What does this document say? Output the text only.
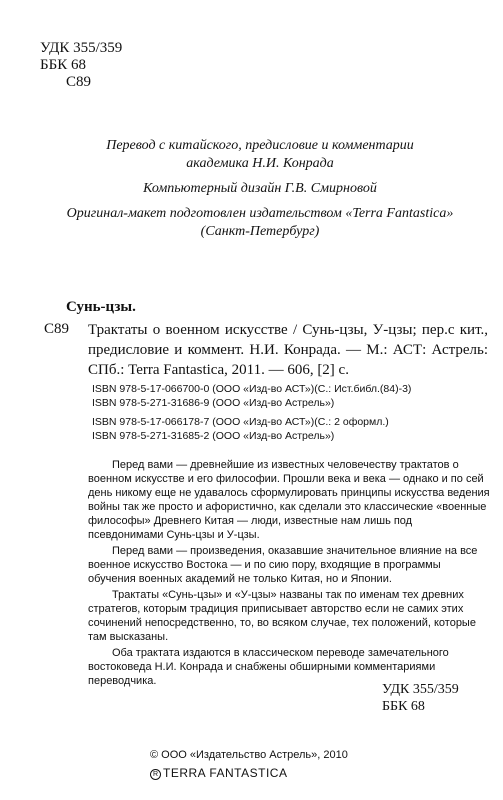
УДК 355/359
ББК 68
С89
Перевод с китайского, предисловие и комментарии
академика Н.И. Конрада
Компьютерный дизайн Г.В. Смирновой
Оригинал-макет подготовлен издательством «Terra Fantastica»
(Санкт-Петербург)
Сунь-цзы.
С89 Трактаты о военном искусстве / Сунь-цзы, У-цзы; пер.с кит., предисловие и коммент. Н.И. Конрада. — М.: АСТ: Астрель: СПб.: Terra Fantastica, 2011. — 606, [2] с.
ISBN 978-5-17-066700-0 (ООО «Изд-во АСТ»)(С.: Ист.библ.(84)-3)
ISBN 978-5-271-31686-9 (ООО «Изд-во Астрель»)
ISBN 978-5-17-066178-7 (ООО «Изд-во АСТ»)(С.: 2 оформл.)
ISBN 978-5-271-31685-2 (ООО «Изд-во Астрель»)

Перед вами — древнейшие из известных человечеству трактатов о военном искусстве и его философии. Прошли века и века — однако и по сей день никому еще не удавалось сформулировать принципы искусства ведения войны так же просто и афористично, как сделали это классические «военные философы» Древнего Китая — люди, известные нам лишь под псевдонимами Сунь-цзы и У-цзы.

Перед вами — произведения, оказавшие значительное влияние на все военное искусство Востока — и по сию пору, входящие в программы обучения военных академий не только Китая, но и Японии.

Трактаты «Сунь-цзы» и «У-цзы» названы так по именам тех древних стратегов, которым традиция приписывает авторство если не самих этих сочинений непосредственно, то, во всяком случае, тех положений, которые там высказаны.

Оба трактата издаются в классическом переводе замечательного востоковеда Н.И. Конрада и снабжены обширными комментариями переводчика.

УДК 355/359
ББК 68
© ООО «Издательство Астрель», 2010
R TERRA FANTASTICA
